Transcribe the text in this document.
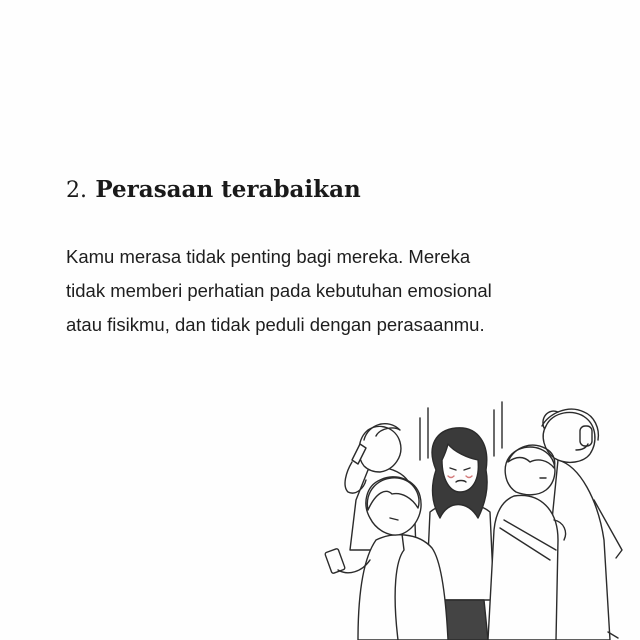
2. Perasaan terabaikan

Kamu merasa tidak penting bagi mereka. Mereka
tidak memberi perhatian pada kebutuhan emosional
atau fisikmu, dan tidak peduli dengan perasaanmu.
